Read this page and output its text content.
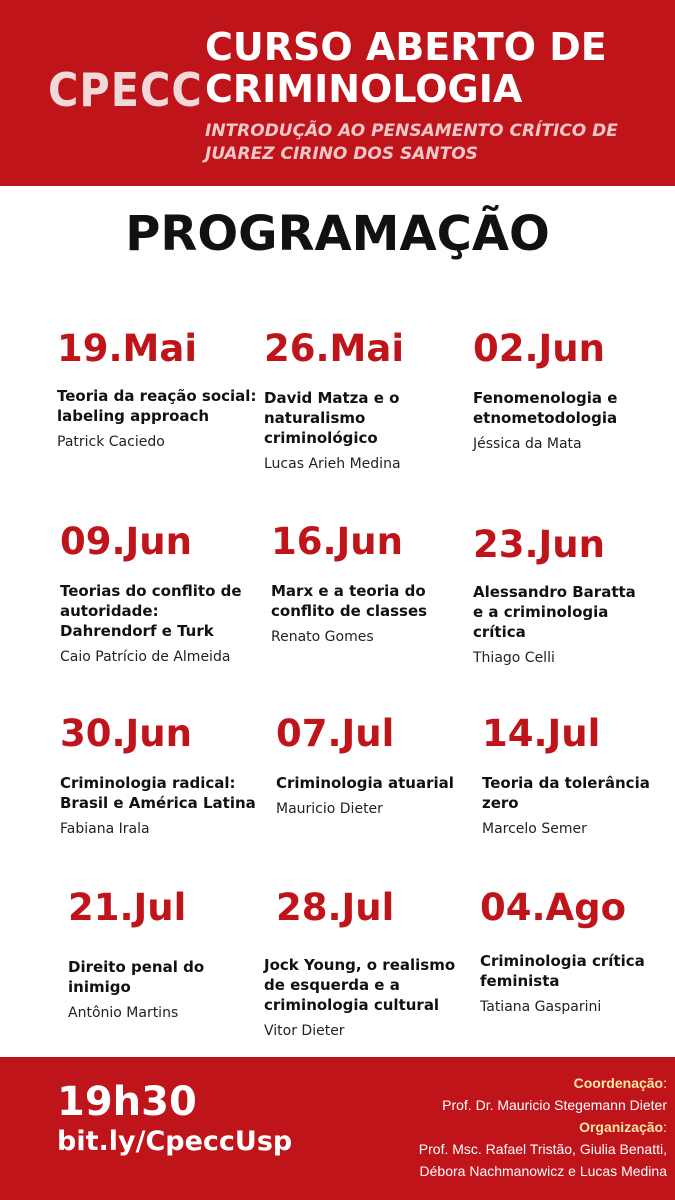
CPECC
CURSO ABERTO DE
CRIMINOLOGIA
INTRODUÇÃO AO PENSAMENTO CRÍTICO DE
JUAREZ CIRINO DOS SANTOS
PROGRAMAÇÃO
19.Mai
Teoria da reação social:
labeling approach
Patrick Caciedo
26.Mai
David Matza e o
naturalismo
criminológico
Lucas Arieh Medina
02.Jun
Fenomenologia e
etnometodologia
Jéssica da Mata
09.Jun
Teorias do conflito de
autoridade:
Dahrendorf e Turk
Caio Patrício de Almeida
16.Jun
Marx e a teoria do
conflito de classes
Renato Gomes
23.Jun
Alessandro Baratta
e a criminologia
crítica
Thiago Celli
30.Jun
Criminologia radical:
Brasil e América Latina
Fabiana Irala
07.Jul
Criminologia atuarial
Mauricio Dieter
14.Jul
Teoria da tolerância
zero
Marcelo Semer
21.Jul
Direito penal do
inimigo
Antônio Martins
28.Jul
Jock Young, o realismo
de esquerda e a
criminologia cultural
Vitor Dieter
04.Ago
Criminologia crítica
feminista
Tatiana Gasparini
19h30
bit.ly/CpeccUsp
Coordenação:
Prof. Dr. Mauricio Stegemann Dieter
Organização:
Prof. Msc. Rafael Tristão, Giulia Benatti,
Débora Nachmanowicz e Lucas Medina
